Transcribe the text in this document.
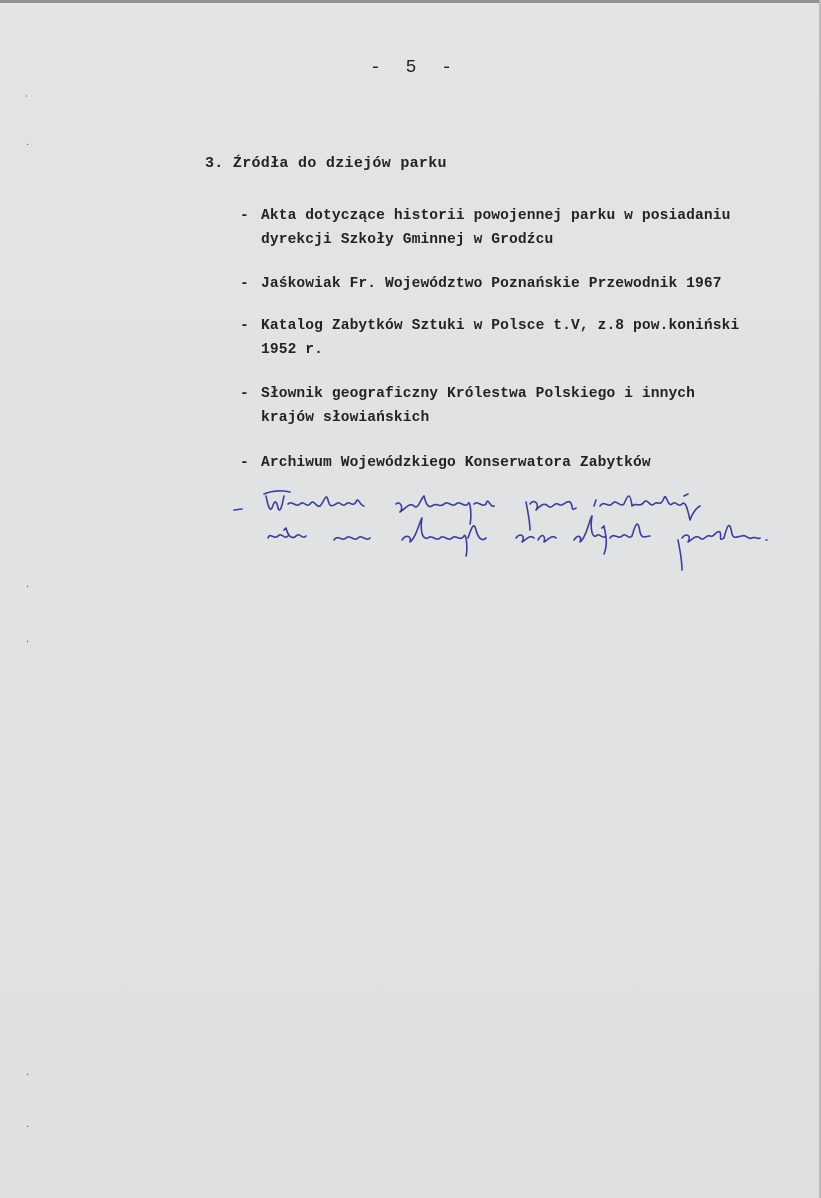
˙
·
·
·
·
·
- 5 -
3. Źródła do dziejów parku
- Akta dotyczące historii powojennej parku w posiadaniu
dyrekcji Szkoły Gminnej w Grodźcu
- Jaśkowiak Fr. Województwo Poznańskie Przewodnik 1967
- Katalog Zabytków Sztuki w Polsce t.V, z.8 pow.koniński
1952 r.
- Słownik geograficzny Królestwa Polskiego i innych
krajów słowiańskich
- Archiwum Wojewódzkiego Konserwatora Zabytków
